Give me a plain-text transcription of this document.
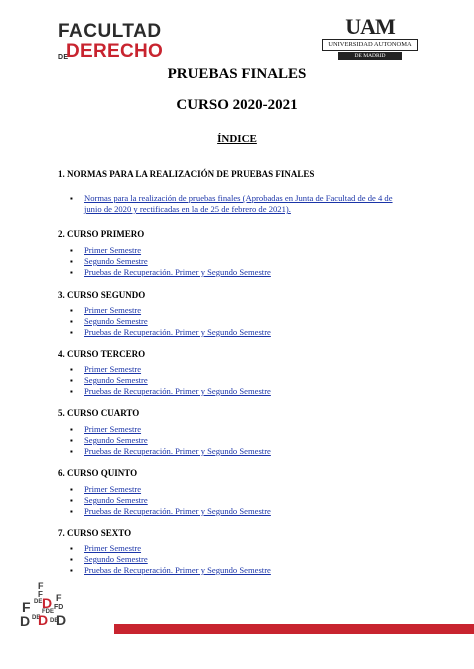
FACULTAD
DE
DERECHO
UAM
UNIVERSIDAD AUTONOMA
DE MADRID
PRUEBAS FINALES
CURSO 2020-2021
ÍNDICE
1. NORMAS PARA LA REALIZACIÓN DE PRUEBAS FINALES
▪ Normas para la realización de pruebas finales (Aprobadas en Junta de Facultad de de 4 de junio de 2020 y rectificadas en la de 25 de febrero de 2021).
2. CURSO PRIMERO
▪ Primer Semestre
▪ Segundo Semestre
▪ Pruebas de Recuperación. Primer y Segundo Semestre
3. CURSO SEGUNDO
▪ Primer Semestre
▪ Segundo Semestre
▪ Pruebas de Recuperación. Primer y Segundo Semestre
4. CURSO TERCERO
▪ Primer Semestre
▪ Segundo Semestre
▪ Pruebas de Recuperación. Primer y Segundo Semestre
5. CURSO CUARTO
▪ Primer Semestre
▪ Segundo Semestre
▪ Pruebas de Recuperación. Primer y Segundo Semestre
6. CURSO QUINTO
▪ Primer Semestre
▪ Segundo Semestre
▪ Pruebas de Recuperación. Primer y Segundo Semestre
7. CURSO SEXTO
▪ Primer Semestre
▪ Segundo Semestre
▪ Pruebas de Recuperación. Primer y Segundo Semestre
F
F
DE D F
FDE
FD
F
D DE
D DE
D
